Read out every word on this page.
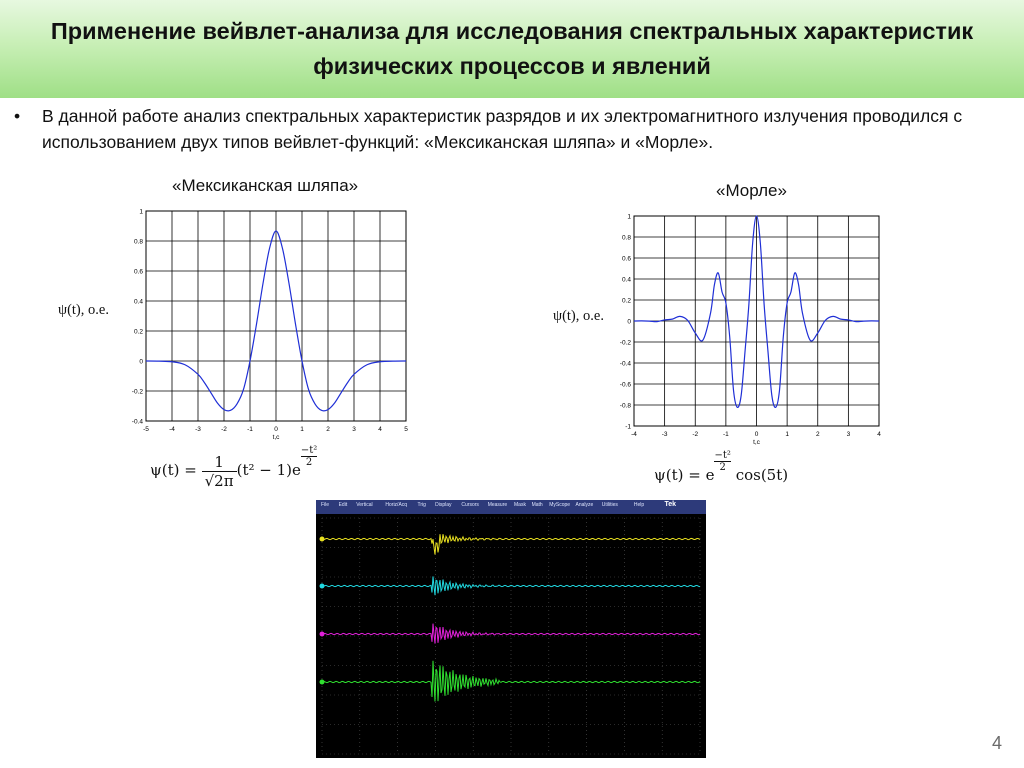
Применение вейвлет-анализа для исследования спектральных характеристик
физических процессов и явлений
• В данной работе анализ спектральных характеристик разрядов и их электромагнитного излучения проводился с использованием двух типов вейвлет-функций: «Мексиканская шляпа» и «Морле».
«Мексиканская шляпа»
ψ(t), о.е.
-5	-4	-3	-2	-1	0	1	2	3	4	5
-0.4
-0.2
0
0.2
0.4
0.6
0.8
1
t,c
«Морле»
ψ(t), о.е.
-4	-3	-2	-1	0	1	2	3	4
-1
-0.8
-0.6
-0.4
-0.2
0
0.2
0.4
0.6
0.8
1
t,c
$\psi(t) = \frac{1}{√2\pi} (t^2 - 1)e$
$\frac{\text{−t²}}{2}$
ψ(t) = e
$\frac{\text{−t²}}{2}$
cos(5t)
Tek
File Edit Vertical	Horiz/Acq Trig Display Cursors Measure Mask Math MyScope Analyze Utilities	Help
4
